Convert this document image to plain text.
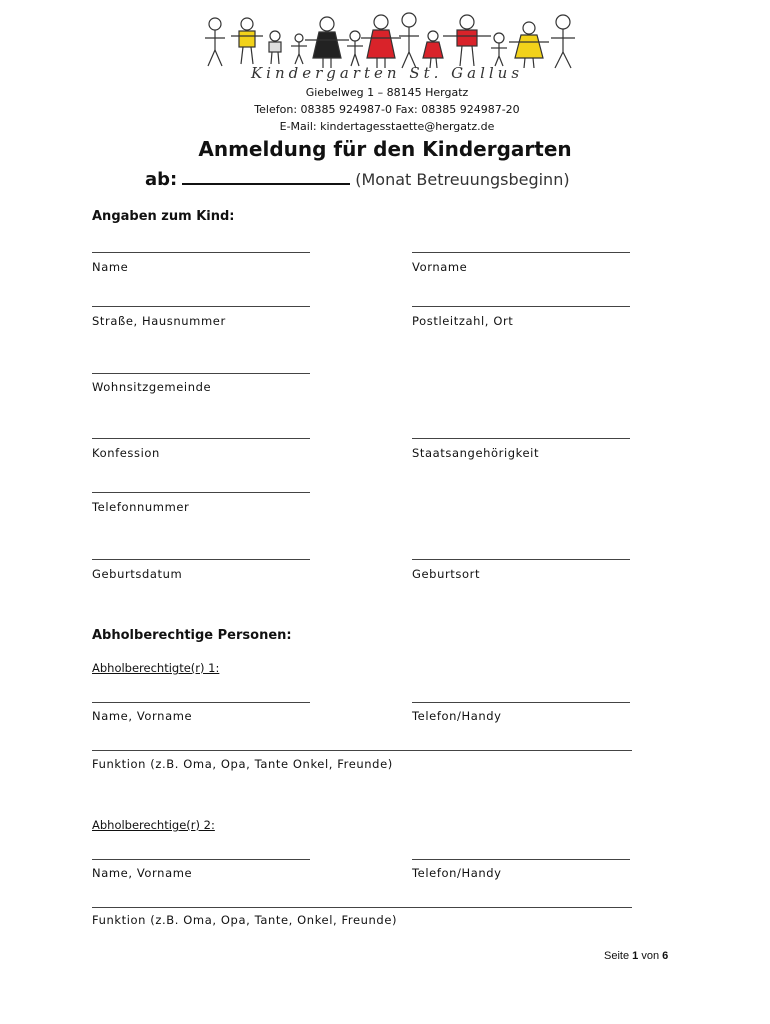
Kindergarten St. Gallus
Giebelweg 1 – 88145 Hergatz
Telefon: 08385 924987-0 Fax: 08385 924987-20
E-Mail: kindertagesstaette@hergatz.de
Anmeldung für den Kindergarten
ab:	(Monat Betreuungsbeginn)
Angaben zum Kind:
Name	Vorname
Straße, Hausnummer	Postleitzahl, Ort
Wohnsitzgemeinde
Konfession	Staatsangehörigkeit
Telefonnummer
Geburtsdatum	Geburtsort
Abholberechtige Personen:
Abholberechtigte(r) 1:
Name, Vorname	Telefon/Handy
Funktion (z.B. Oma, Opa, Tante Onkel, Freunde)
Abholberechtige(r) 2:
Name, Vorname	Telefon/Handy
Funktion (z.B. Oma, Opa, Tante, Onkel, Freunde)
Seite 1 von 6
